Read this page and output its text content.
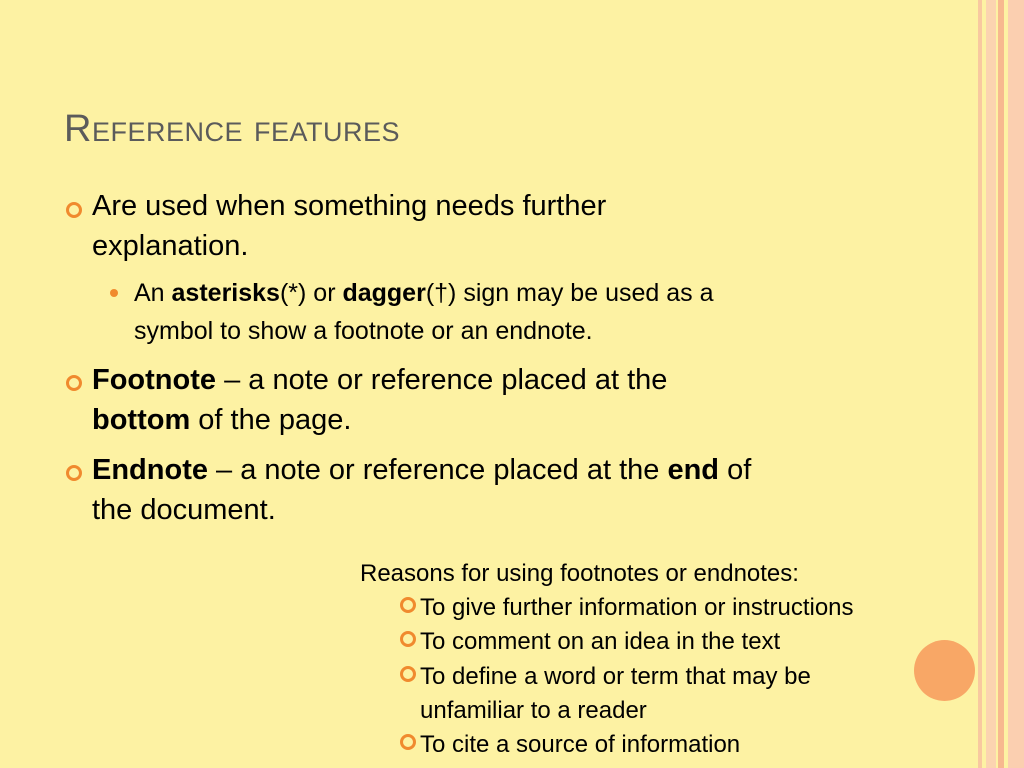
Reference features
Are used when something needs further
explanation.
An asterisks(*) or dagger(†) sign may be used as a
symbol to show a footnote or an endnote.
Footnote – a note or reference placed at the
bottom of the page.
Endnote – a note or reference placed at the end of
the document.
Reasons for using footnotes or endnotes:
To give further information or instructions
To comment on an idea in the text
To define a word or term that may be
unfamiliar to a reader
To cite a source of information
